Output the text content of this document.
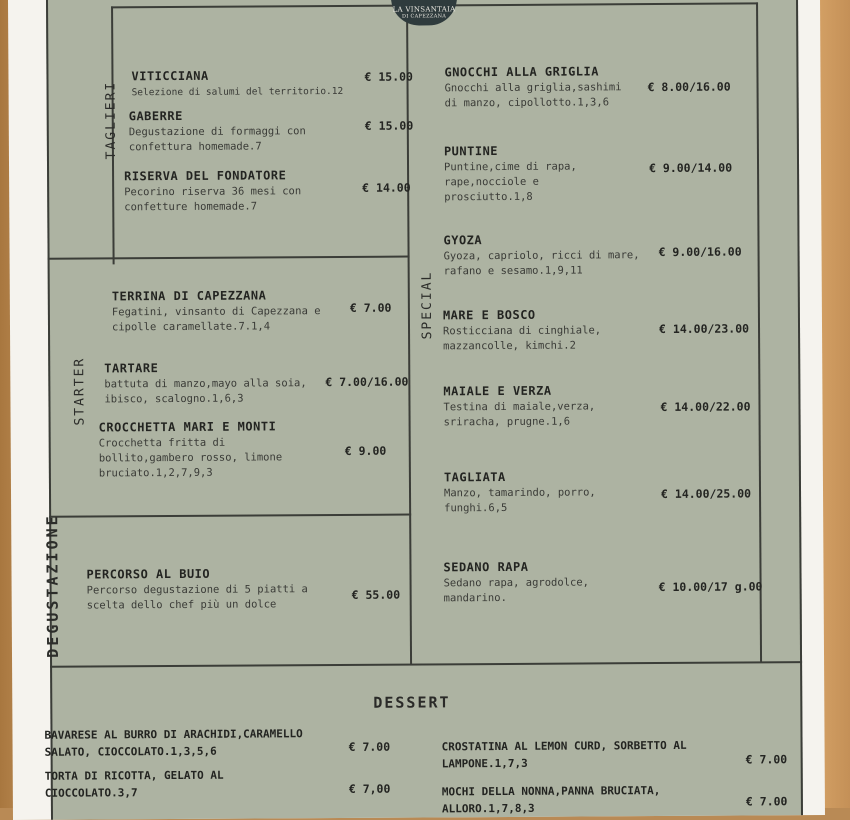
LA VINSANTAIA
DI CAPEZZANA
TAGLIERI
STARTER
DEGUSTAZIONE
SPECIAL
VITICCIANA
Selezione di salumi del territorio.12
€ 15.00
GABERRE
Degustazione di formaggi con confettura homemade.7
€ 15.00
RISERVA DEL FONDATORE
Pecorino riserva 36 mesi con confetture homemade.7
€ 14.00
TERRINA DI CAPEZZANA
Fegatini, vinsanto di Capezzana e cipolle caramellate.7.1,4
€ 7.00
TARTARE
battuta di manzo,mayo alla soia, ibisco, scalogno.1,6,3
€ 7.00/16.00
CROCCHETTA MARI E MONTI
Crocchetta fritta di bollito,gambero rosso, limone bruciato.1,2,7,9,3
€ 9.00
PERCORSO AL BUIO
Percorso degustazione di 5 piatti a scelta dello chef più un dolce
€ 55.00
GNOCCHI ALLA GRIGLIA
Gnocchi alla griglia,sashimi di manzo, cipollotto.1,3,6
€ 8.00/16.00
PUNTINE
Puntine,cime di rapa, rape,nocciole e prosciutto.1,8
€ 9.00/14.00
GYOZA
Gyoza, capriolo, ricci di mare, rafano e sesamo.1,9,11
€ 9.00/16.00
MARE E BOSCO
Rosticciana di cinghiale, mazzancolle, kimchi.2
€ 14.00/23.00
MAIALE E VERZA
Testina di maiale,verza, sriracha, prugne.1,6
€ 14.00/22.00
TAGLIATA
Manzo, tamarindo, porro, funghi.6,5
€ 14.00/25.00
SEDANO RAPA
Sedano rapa, agrodolce, mandarino.
€ 10.00/17 g.00
DESSERT
BAVARESE AL BURRO DI ARACHIDI,CARAMELLO SALATO, CIOCCOLATO.1,3,5,6	€ 7.00
TORTA DI RICOTTA, GELATO AL CIOCCOLATO.3,7	€ 7,00
CROSTATINA AL LEMON CURD, SORBETTO AL LAMPONE.1,7,3	€ 7.00
MOCHI DELLA NONNA,PANNA BRUCIATA, ALLORO.1,7,8,3
€ 7.00
